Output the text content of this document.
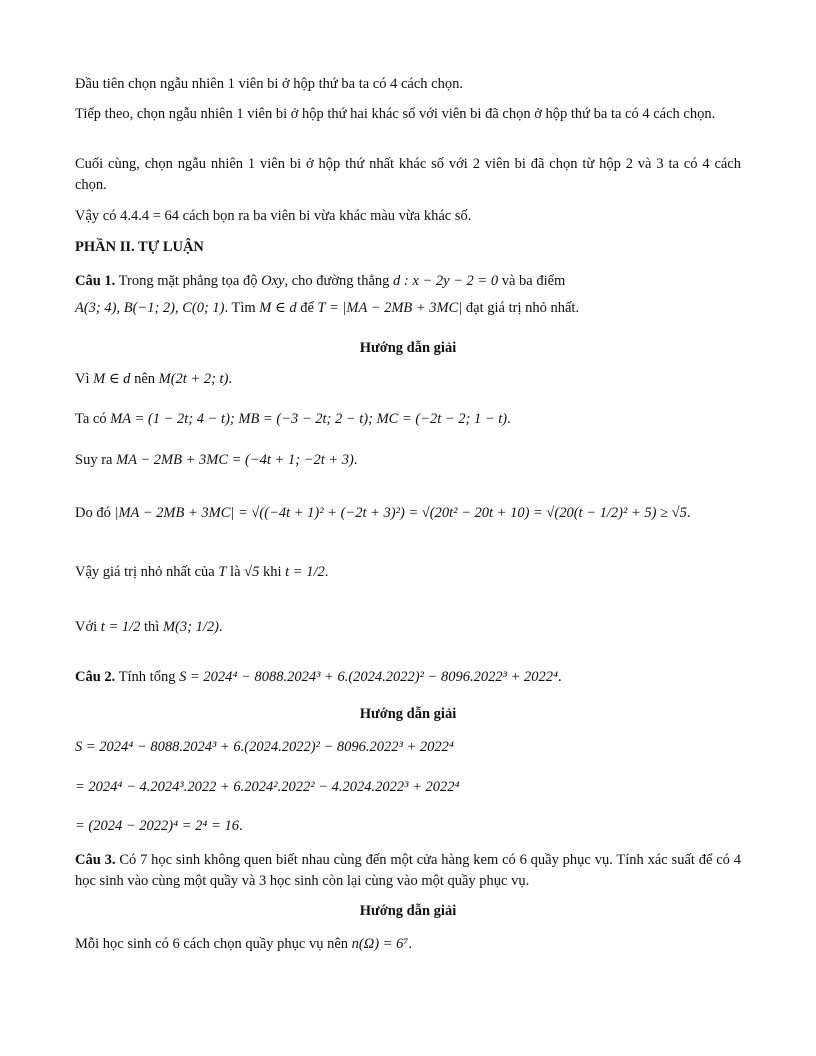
Đầu tiên chọn ngẫu nhiên 1 viên bi ở hộp thứ ba ta có 4 cách chọn.

Tiếp theo, chọn ngẫu nhiên 1 viên bi ở hộp thứ hai khác số với viên bi đã chọn ở hộp thứ ba ta có 4 cách chọn.

Cuối cùng, chọn ngẫu nhiên 1 viên bi ở hộp thứ nhất khác số với 2 viên bi đã chọn từ hộp 2 và 3 ta có 4 cách chọn.

Vậy có 4.4.4 = 64 cách bọn ra ba viên bi vừa khác màu vừa khác số.

PHẦN II. TỰ LUẬN

Câu 1. Trong mặt phẳng tọa độ Oxy, cho đường thẳng d : x − 2y − 2 = 0 và ba điểm
A(3; 4), B(−1; 2), C(0; 1). Tìm M ∈ d để T = |MA − 2MB + 3MC| đạt giá trị nhỏ nhất.

Hướng dẫn giải

Vì M ∈ d nên M(2t + 2; t).

Ta có MA = (1 − 2t; 4 − t); MB = (−3 − 2t; 2 − t); MC = (−2t − 2; 1 − t).

Suy ra MA − 2MB + 3MC = (−4t + 1; −2t + 3).

Do đó |MA − 2MB + 3MC| = √((−4t + 1)² + (−2t + 3)²) = √(20t² − 20t + 10) = √(20(t − 1/2)² + 5) ≥ √5.

Vậy giá trị nhỏ nhất của T là √5 khi t = 1/2.

Với t = 1/2 thì M(3; 1/2).

Câu 2. Tính tổng S = 2024⁴ − 8088.2024³ + 6.(2024.2022)² − 8096.2022³ + 2022⁴.

Hướng dẫn giải

S = 2024⁴ − 8088.2024³ + 6.(2024.2022)² − 8096.2022³ + 2022⁴

= 2024⁴ − 4.2024³.2022 + 6.2024².2022² − 4.2024.2022³ + 2022⁴

= (2024 − 2022)⁴ = 2⁴ = 16.

Câu 3. Có 7 học sinh không quen biết nhau cùng đến một cửa hàng kem có 6 quầy phục vụ. Tính xác suất để có 4 học sinh vào cùng một quầy và 3 học sinh còn lại cùng vào một quầy phục vụ.

Hướng dẫn giải

Mỗi học sinh có 6 cách chọn quầy phục vụ nên n(Ω) = 6⁷.
